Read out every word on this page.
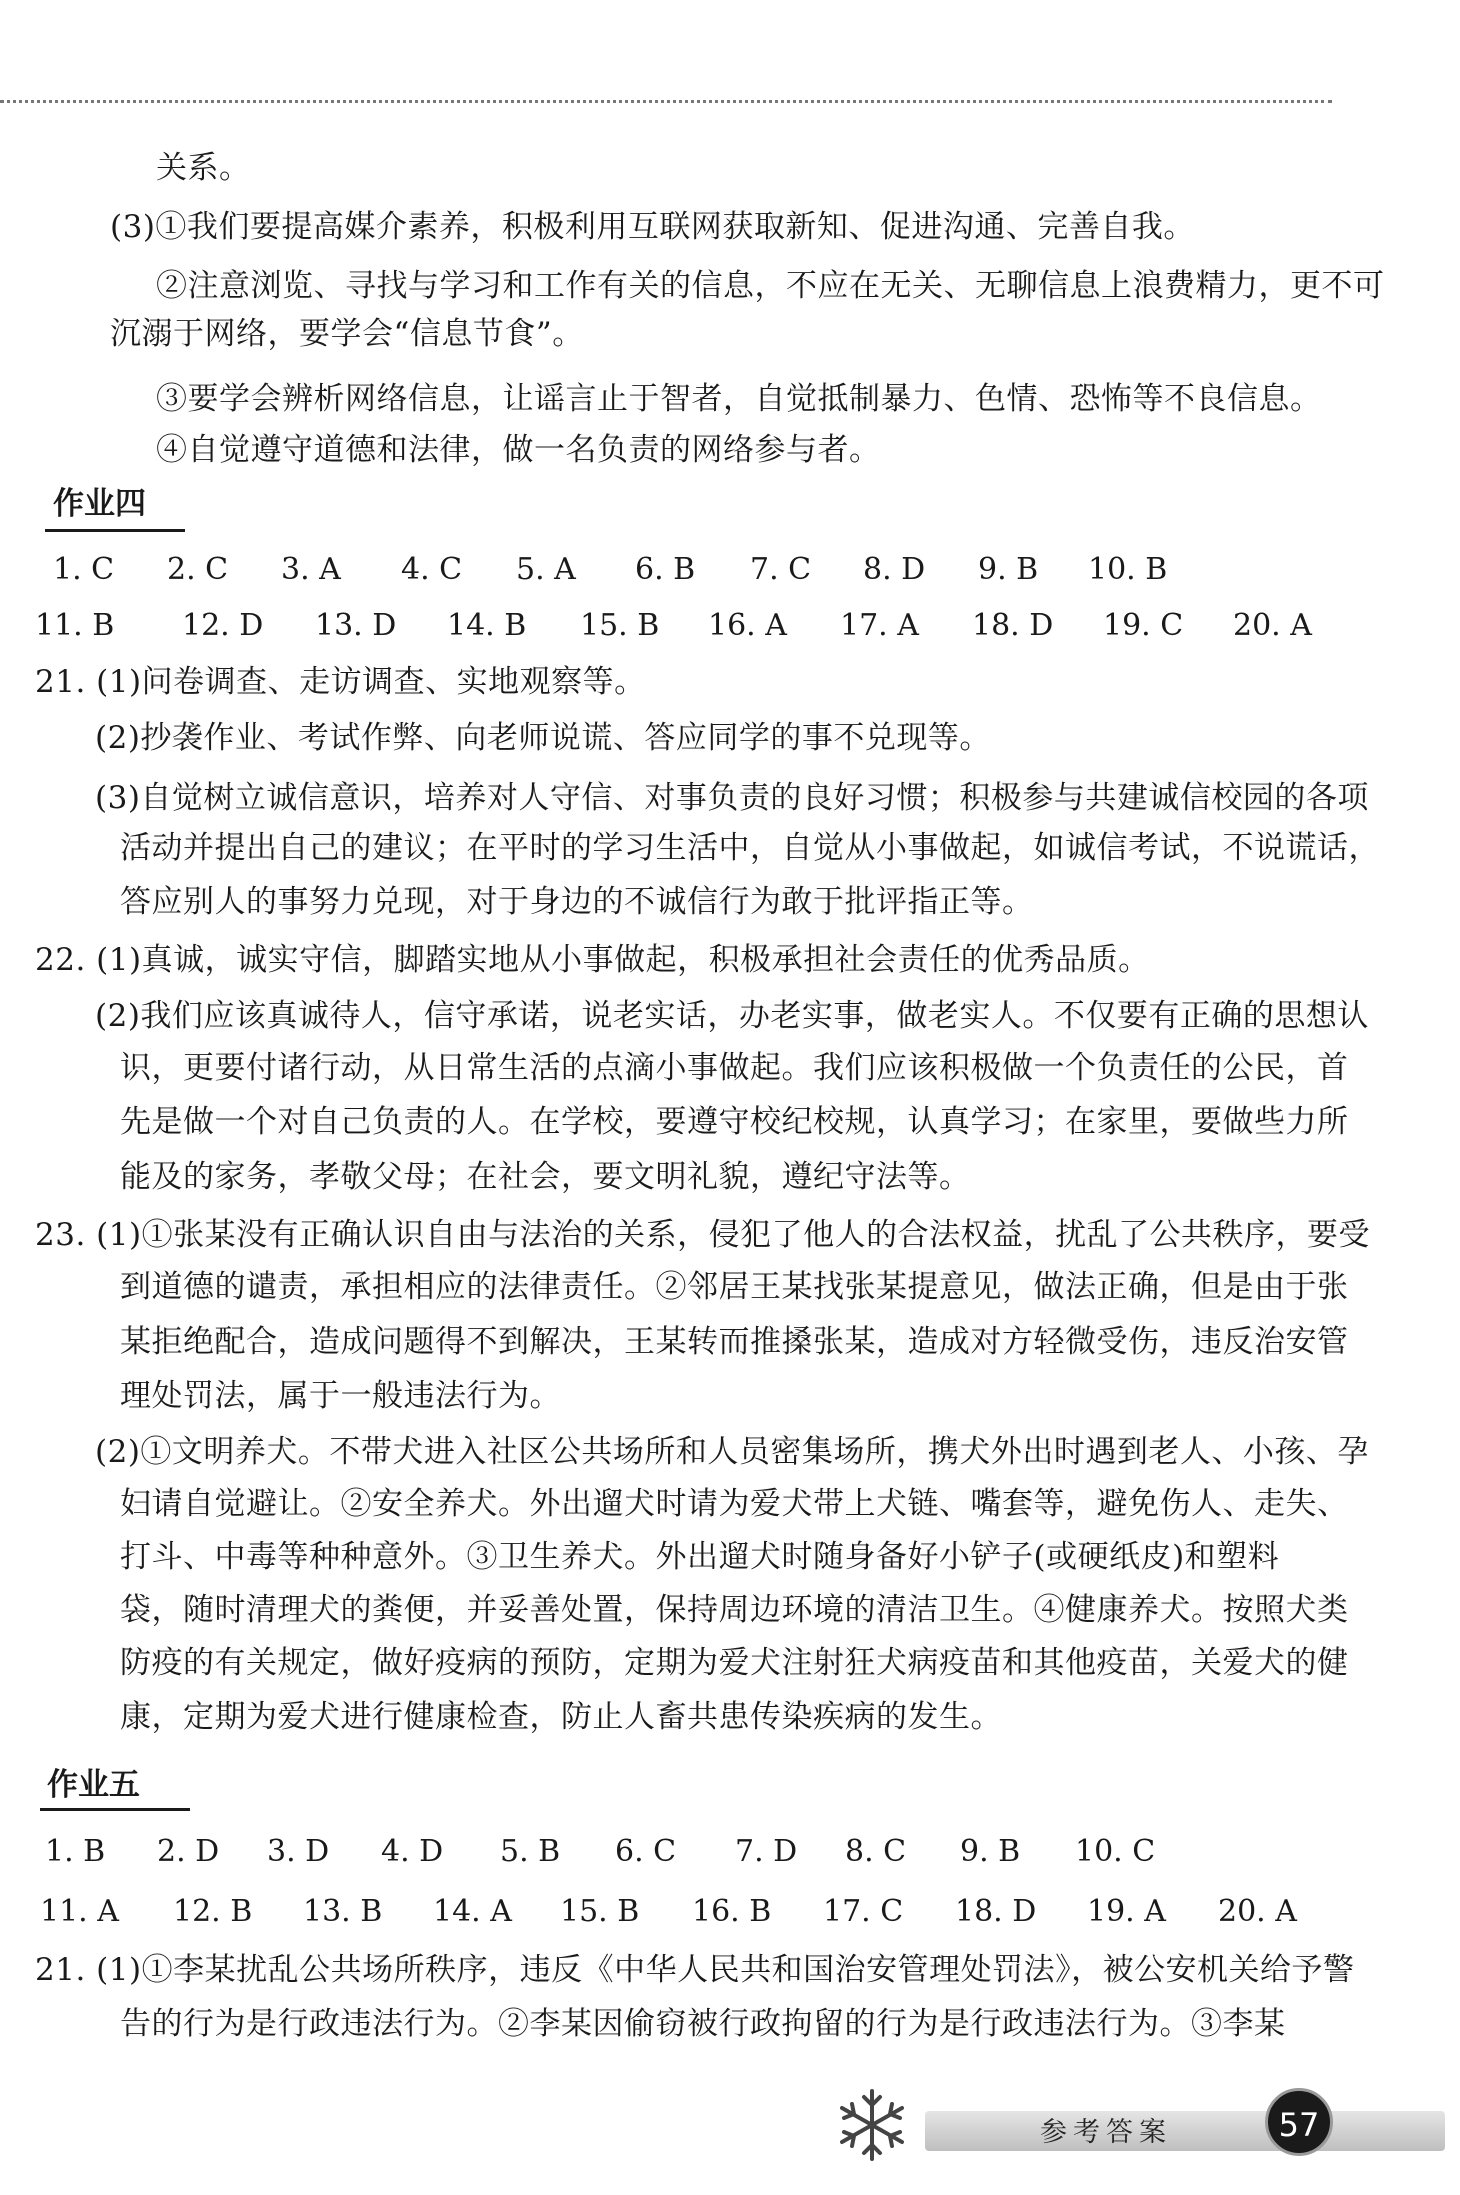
关系。
(3)①我们要提高媒介素养，积极利用互联网获取新知、促进沟通、完善自我。
②注意浏览、寻找与学习和工作有关的信息，不应在无关、无聊信息上浪费精力，更不可
沉溺于网络，要学会“信息节食”。
③要学会辨析网络信息，让谣言止于智者，自觉抵制暴力、色情、恐怖等不良信息。
④自觉遵守道德和法律，做一名负责的网络参与者。
作业四
1. C 2. C 3. A 4. C 5. A 6. B 7. C 8. D 9. B 10. B
11. B 12. D 13. D 14. B 15. B 16. A 17. A 18. D 19. C 20. A
21. (1)问卷调查、走访调查、实地观察等。
(2)抄袭作业、考试作弊、向老师说谎、答应同学的事不兑现等。
(3)自觉树立诚信意识，培养对人守信、对事负责的良好习惯；积极参与共建诚信校园的各项
活动并提出自己的建议；在平时的学习生活中，自觉从小事做起，如诚信考试，不说谎话，
答应别人的事努力兑现，对于身边的不诚信行为敢于批评指正等。
22. (1)真诚，诚实守信，脚踏实地从小事做起，积极承担社会责任的优秀品质。
(2)我们应该真诚待人，信守承诺，说老实话，办老实事，做老实人。不仅要有正确的思想认
识，更要付诸行动，从日常生活的点滴小事做起。我们应该积极做一个负责任的公民，首
先是做一个对自己负责的人。在学校，要遵守校纪校规，认真学习；在家里，要做些力所
能及的家务，孝敬父母；在社会，要文明礼貌，遵纪守法等。
23. (1)①张某没有正确认识自由与法治的关系，侵犯了他人的合法权益，扰乱了公共秩序，要受
到道德的谴责，承担相应的法律责任。②邻居王某找张某提意见，做法正确，但是由于张
某拒绝配合，造成问题得不到解决，王某转而推搡张某，造成对方轻微受伤，违反治安管
理处罚法，属于一般违法行为。
(2)①文明养犬。不带犬进入社区公共场所和人员密集场所，携犬外出时遇到老人、小孩、孕
妇请自觉避让。②安全养犬。外出遛犬时请为爱犬带上犬链、嘴套等，避免伤人、走失、
打斗、中毒等种种意外。③卫生养犬。外出遛犬时随身备好小铲子(或硬纸皮)和塑料
袋，随时清理犬的粪便，并妥善处置，保持周边环境的清洁卫生。④健康养犬。按照犬类
防疫的有关规定，做好疫病的预防，定期为爱犬注射狂犬病疫苗和其他疫苗，关爱犬的健
康，定期为爱犬进行健康检查，防止人畜共患传染疾病的发生。
作业五
1. B 2. D 3. D 4. D 5. B 6. C 7. D 8. C 9. B 10. C
11. A 12. B 13. B 14. A 15. B 16. B 17. C 18. D 19. A 20. A
21. (1)①李某扰乱公共场所秩序，违反《中华人民共和国治安管理处罚法》，被公安机关给予警
告的行为是行政违法行为。②李某因偷窃被行政拘留的行为是行政违法行为。③李某
参考答案	57
